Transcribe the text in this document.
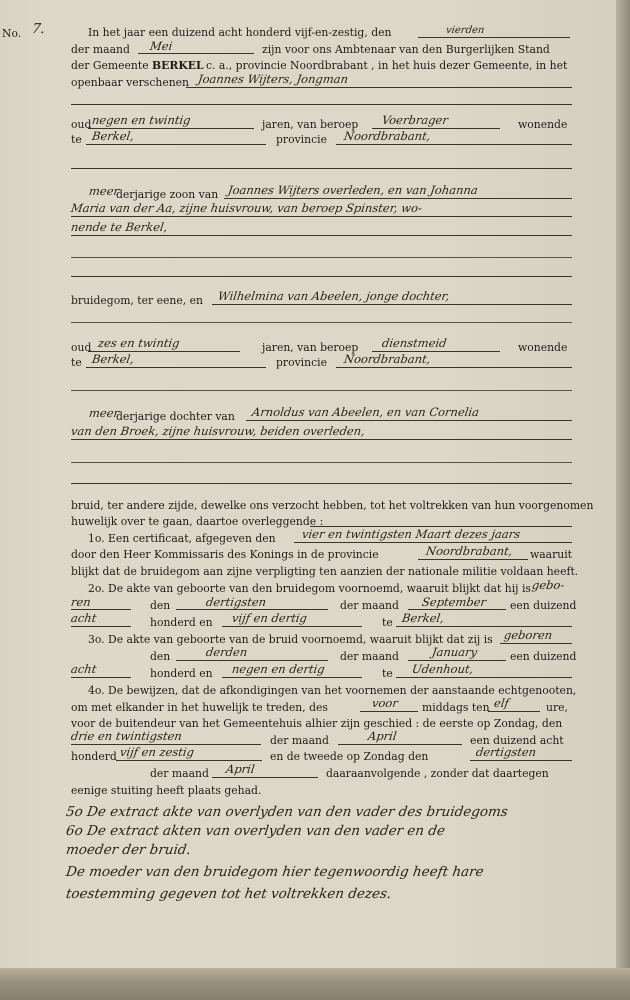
No. 7.	In het jaar een duizend acht honderd vijf-en-zestig, den	vierden
der maand Mei	zijn voor ons Ambtenaar van den Burgerlijken Stand
der Gemeente BERKEL c. a., provincie Noordbrabant , in het huis dezer Gemeente, in het
openbaar verschenen Joannes Wijters, Jongman
oud negen en twintig	jaren, van beroep Voerbrager	wonende
te Berkel,	provincie Noordbrabant,
meer
derjarige zoon van Joannes Wijters overleden, en van Johanna
Maria van der Aa, zijne huisvrouw, van beroep Spinster, wo-
nende te Berkel,
bruidegom, ter eene, en Wilhelmina van Abeelen, jonge dochter,
oud zes en twintig	jaren, van beroep dienstmeid	wonende
te Berkel,	provincie Noordbrabant,
meer
derjarige dochter van Arnoldus van Abeelen, en van Cornelia
van den Broek, zijne huisvrouw, beiden overleden,
bruid, ter andere zijde, dewelke ons verzocht hebben, tot het voltrekken van hun voorgenomen
huwelijk over te gaan, daartoe overleggende :
1o. Een certificaat, afgegeven den vier en twintigsten Maart dezes jaars
door den Heer Kommissaris des Konings in de provincie	Noordbrabant, waaruit
blijkt dat de bruidegom aan zijne verpligting ten aanzien der nationale militie voldaan heeft.
2o. De akte van geboorte van den bruidegom voornoemd, waaruit blijkt dat hij is gebo-
ren	den	dertigsten	der maand September een duizend
acht	honderd en vijf en dertig	te Berkel,
3o. De akte van geboorte van de bruid voornoemd, waaruit blijkt dat zij is geboren
den	derden	der maand	January	een duizend
acht	honderd en negen en dertig	te Udenhout,
4o. De bewijzen, dat de afkondigingen van het voornemen der aanstaande echtgenooten,
om met elkander in het huwelijk te treden, des	voor middags ten elf	ure,
voor de buitendeur van het Gemeentehuis alhier zijn geschied : de eerste op Zondag, den
drie en twintigsten	der maand	April	een duizend acht
honderd vijf en zestig	en de tweede op Zondag den	dertigsten
der maand April	daaraanvolgende , zonder dat daartegen
eenige stuiting heeft plaats gehad.
5o De extract akte van overlyden van den vader des bruidegoms
6o De extract akten van overlyden van den vader en de
moeder der bruid.
De moeder van den bruidegom hier tegenwoordig heeft hare
toestemming gegeven tot het voltrekken dezes.
